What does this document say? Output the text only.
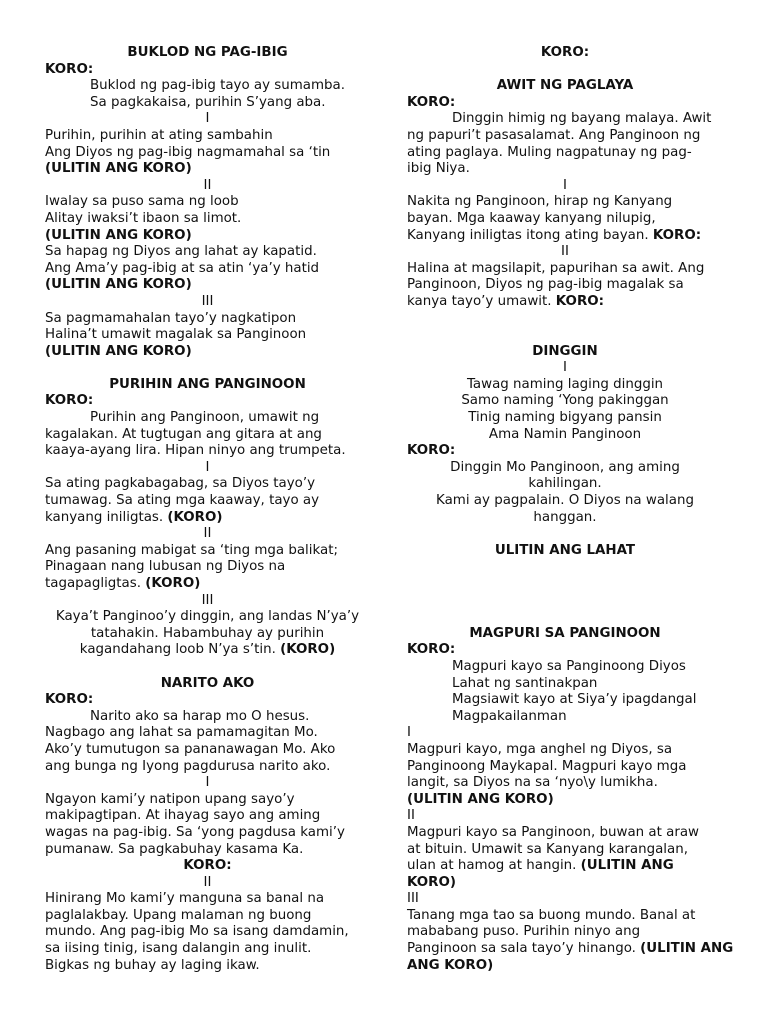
BUKLOD NG PAG-IBIG
KORO:
Buklod ng pag-ibig tayo ay sumamba.
Sa pagkakaisa, purihin S’yang aba.
I
Purihin, purihin at ating sambahin
Ang Diyos ng pag-ibig nagmamahal sa ‘tin
(ULITIN ANG KORO)
II
Iwalay sa puso sama ng loob
Alitay iwaksi’t ibaon sa limot.
(ULITIN ANG KORO)
Sa hapag ng Diyos ang lahat ay kapatid.
Ang Ama’y pag-ibig at sa atin ‘ya’y hatid
(ULITIN ANG KORO)
III
Sa pagmamahalan tayo’y nagkatipon
Halina’t umawit magalak sa Panginoon
(ULITIN ANG KORO)
PURIHIN ANG PANGINOON
KORO:
Purihin ang Panginoon, umawit ng
kagalakan. At tugtugan ang gitara at ang
kaaya-ayang lira. Hipan ninyo ang trumpeta.
I
Sa ating pagkabagabag, sa Diyos tayo’y
tumawag. Sa ating mga kaaway, tayo ay
kanyang iniligtas. (KORO)
II
Ang pasaning mabigat sa ‘ting mga balikat;
Pinagaan nang lubusan ng Diyos na
tagapagligtas. (KORO)
III
Kaya’t Panginoo’y dinggin, ang landas N’ya’y
tatahakin. Habambuhay ay purihin
kagandahang loob N’ya s’tin. (KORO)
NARITO AKO
KORO:
Narito ako sa harap mo O hesus.
Nagbago ang lahat sa pamamagitan Mo.
Ako’y tumutugon sa pananawagan Mo. Ako
ang bunga ng Iyong pagdurusa narito ako.
I
Ngayon kami’y natipon upang sayo’y
makipagtipan. At ihayag sayo ang aming
wagas na pag-ibig. Sa ‘yong pagdusa kami’y
pumanaw. Sa pagkabuhay kasama Ka.
KORO:
II
Hinirang Mo kami’y manguna sa banal na
paglalakbay. Upang malaman ng buong
mundo. Ang pag-ibig Mo sa isang damdamin,
sa iising tinig, isang dalangin ang inulit.
Bigkas ng buhay ay laging ikaw.
KORO:
AWIT NG PAGLAYA
KORO:
Dinggin himig ng bayang malaya. Awit
ng papuri’t pasasalamat. Ang Panginoon ng
ating paglaya. Muling nagpatunay ng pag-
ibig Niya.
I
Nakita ng Panginoon, hirap ng Kanyang
bayan. Mga kaaway kanyang nilupig,
Kanyang iniligtas itong ating bayan. KORO:
II
Halina at magsilapit, papurihan sa awit. Ang
Panginoon, Diyos ng pag-ibig magalak sa
kanya tayo’y umawit. KORO:
DINGGIN
I
Tawag naming laging dinggin
Samo naming ‘Yong pakinggan
Tinig naming bigyang pansin
Ama Namin Panginoon
KORO:
Dinggin Mo Panginoon, ang aming
kahilingan.
Kami ay pagpalain. O Diyos na walang
hanggan.
ULITIN ANG LAHAT
MAGPURI SA PANGINOON
KORO:
Magpuri kayo sa Panginoong Diyos
Lahat ng santinakpan
Magsiawit kayo at Siya’y ipagdangal
Magpakailanman
I
Magpuri kayo, mga anghel ng Diyos, sa
Panginoong Maykapal. Magpuri kayo mga
langit, sa Diyos na sa ‘nyo\y lumikha.
(ULITIN ANG KORO)
II
Magpuri kayo sa Panginoon, buwan at araw
at bituin. Umawit sa Kanyang karangalan,
ulan at hamog at hangin. (ULITIN ANG
KORO)
III
Tanang mga tao sa buong mundo. Banal at
mababang puso. Purihin ninyo ang
Panginoon sa sala tayo’y hinango. (ULITIN ANG
ANG KORO)
